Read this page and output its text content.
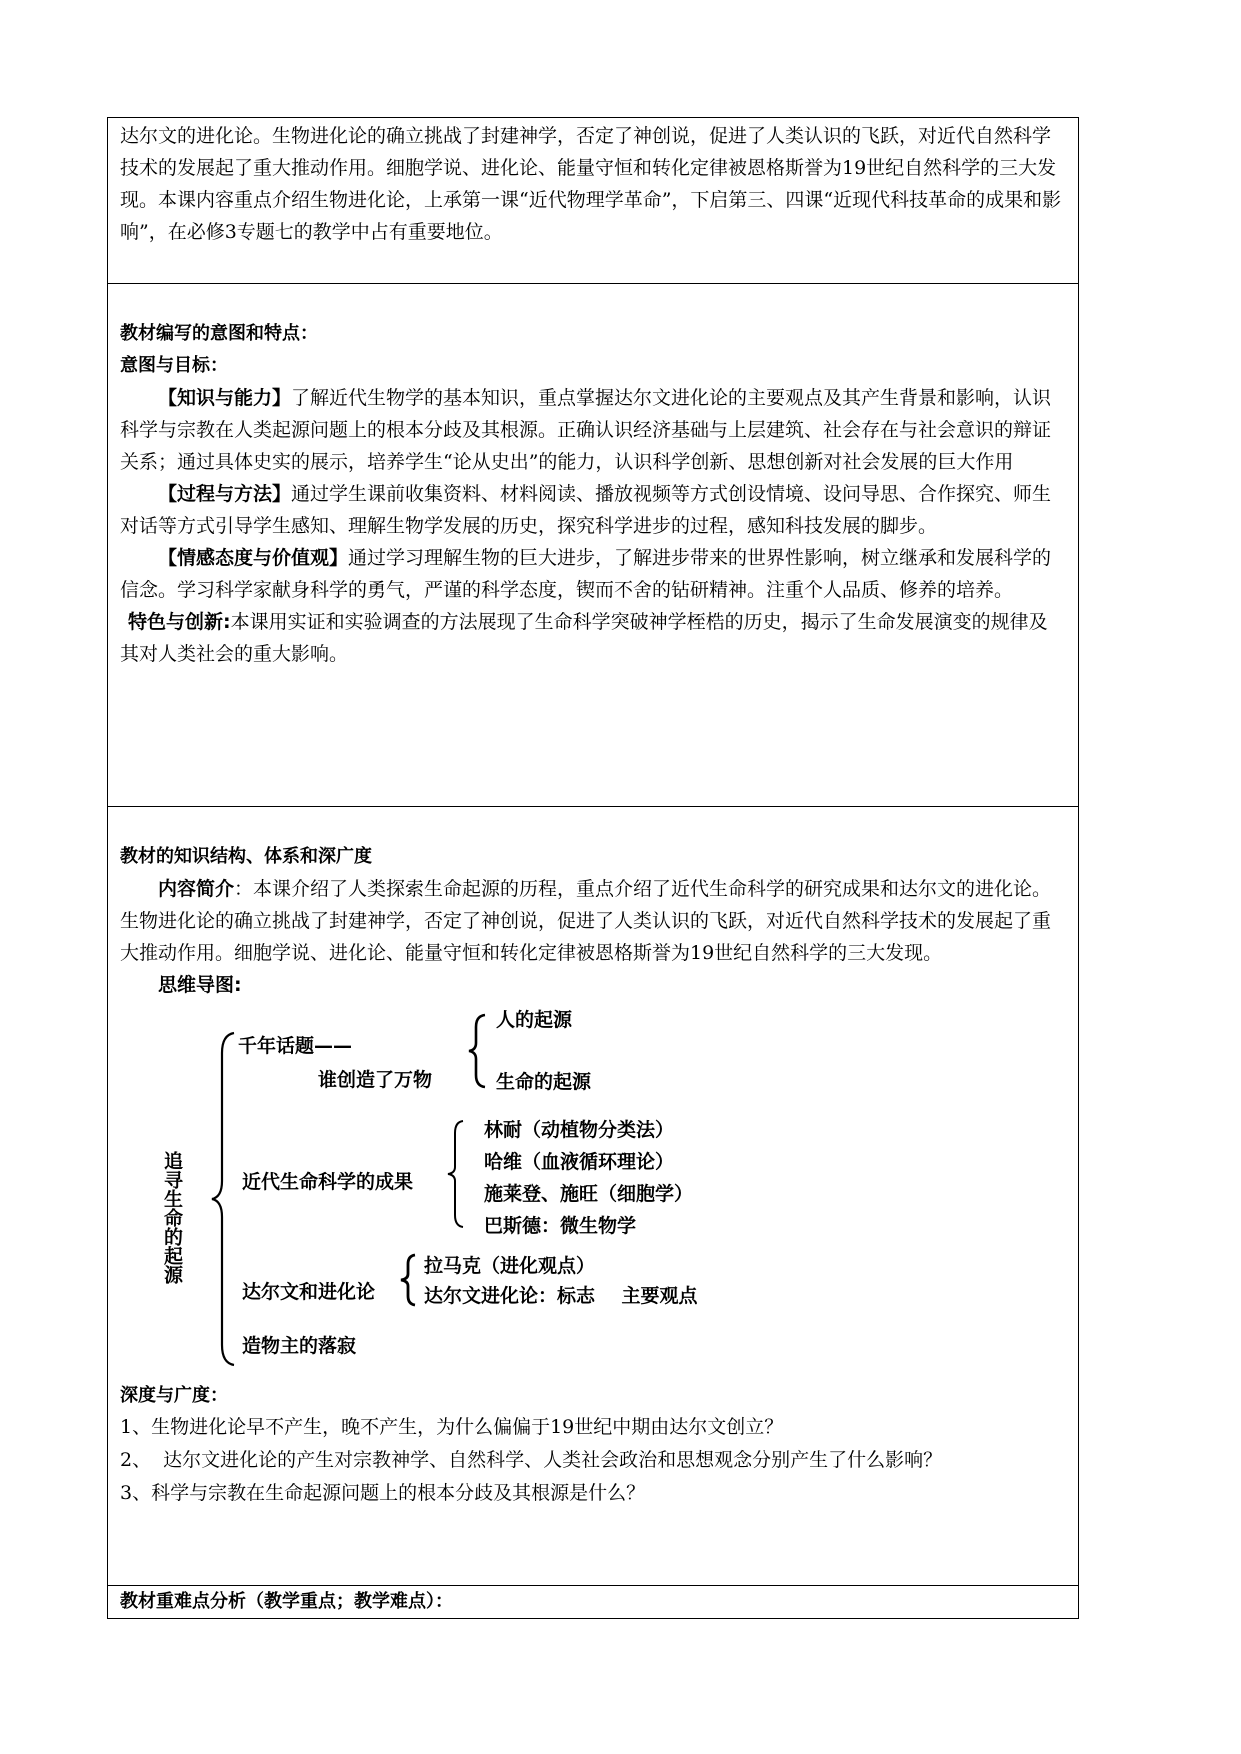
达尔文的进化论。生物进化论的确立挑战了封建神学，否定了神创说，促进了人类认识的飞跃，对近代自然科学技术的发展起了重大推动作用。细胞学说、进化论、能量守恒和转化定律被恩格斯誉为19世纪自然科学的三大发现。本课内容重点介绍生物进化论，上承第一课“近代物理学革命”，下启第三、四课“近现代科技革命的成果和影响”，在必修3专题七的教学中占有重要地位。

教材编写的意图和特点：

意图与目标：

【知识与能力】了解近代生物学的基本知识，重点掌握达尔文进化论的主要观点及其产生背景和影响，认识科学与宗教在人类起源问题上的根本分歧及其根源。正确认识经济基础与上层建筑、社会存在与社会意识的辩证关系；通过具体史实的展示，培养学生“论从史出”的能力，认识科学创新、思想创新对社会发展的巨大作用

【过程与方法】通过学生课前收集资料、材料阅读、播放视频等方式创设情境、设问导思、合作探究、师生对话等方式引导学生感知、理解生物学发展的历史，探究科学进步的过程，感知科技发展的脚步。

【情感态度与价值观】通过学习理解生物的巨大进步，了解进步带来的世界性影响，树立继承和发展科学的信念。学习科学家献身科学的勇气，严谨的科学态度，锲而不舍的钻研精神。注重个人品质、修养的培养。

特色与创新:本课用实证和实验调查的方法展现了生命科学突破神学桎梏的历史，揭示了生命发展演变的规律及其对人类社会的重大影响。

教材的知识结构、体系和深广度

内容简介：本课介绍了人类探索生命起源的历程，重点介绍了近代生命科学的研究成果和达尔文的进化论。生物进化论的确立挑战了封建神学，否定了神创说，促进了人类认识的飞跃，对近代自然科学技术的发展起了重大推动作用。细胞学说、进化论、能量守恒和转化定律被恩格斯誉为19世纪自然科学的三大发现。

思维导图:

追寻生命的起源
千年话题——
谁创造了万物
人的起源
生命的起源
近代生命科学的成果
林耐（动植物分类法）
哈维（血液循环理论）
施莱登、施旺（细胞学）
巴斯德：微生物学
达尔文和进化论
拉马克（进化观点）
达尔文进化论：标志    主要观点
造物主的落寂

深度与广度：

1、生物进化论早不产生，晚不产生，为什么偏偏于19世纪中期由达尔文创立？

2、  达尔文进化论的产生对宗教神学、自然科学、人类社会政治和思想观念分别产生了什么影响？

3、科学与宗教在生命起源问题上的根本分歧及其根源是什么？

教材重难点分析（教学重点；教学难点）：
